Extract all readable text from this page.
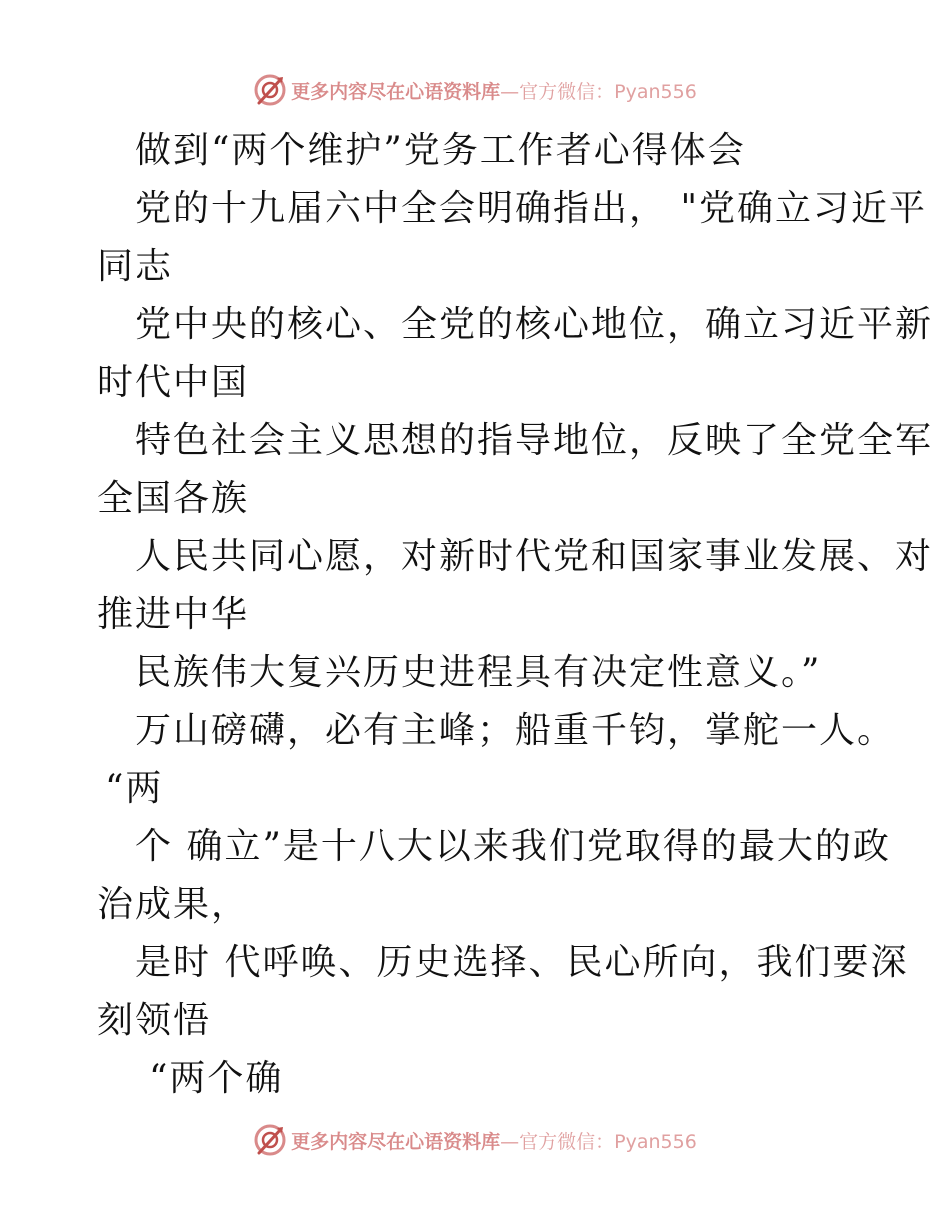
更多内容尽在心语资料库—官方微信：Pyan556
做到“两个维护”党务工作者心得体会
党的十九届六中全会明确指出， "党确立习近平
同志
党中央的核心、全党的核心地位，确立习近平新
时代中国
特色社会主义思想的指导地位，反映了全党全军
全国各族
人民共同心愿，对新时代党和国家事业发展、对
推进中华
民族伟大复兴历史进程具有决定性意义。”
万山磅礴，必有主峰；船重千钧，掌舵一人。
“两
个 确立”是十八大以来我们党取得的最大的政
治成果，
是时 代呼唤、历史选择、民心所向，我们要深
刻领悟
“两个确
更多内容尽在心语资料库—官方微信：Pyan556
